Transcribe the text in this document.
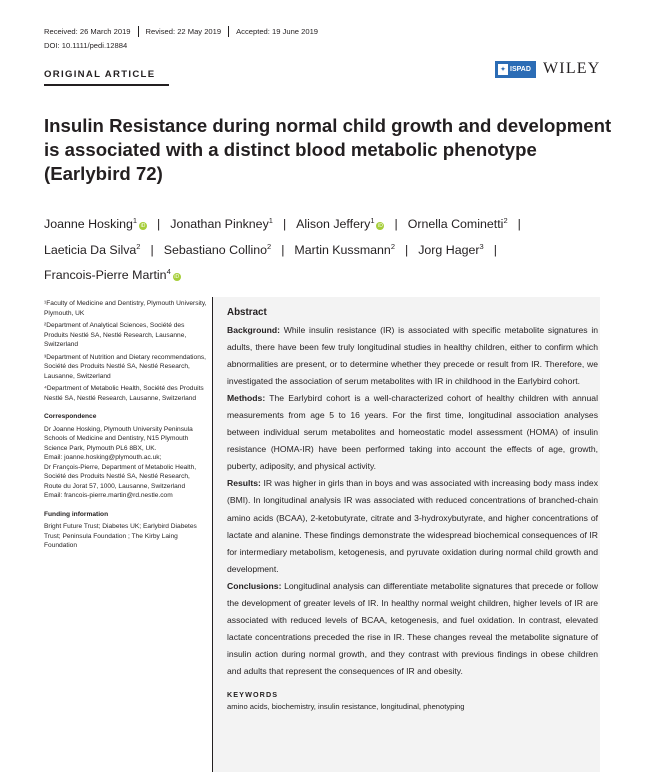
Received: 26 March 2019 Revised: 22 May 2019 Accepted: 19 June 2019
DOI: 10.1111/pedi.12884
ORIGINAL ARTICLE	✦ ISPAD WILEY
Insulin Resistance during normal child growth and development is associated with a distinct blood metabolic phenotype (Earlybird 72)
Joanne Hosking$^1$iD | Jonathan Pinkney$^1$ | Alison Jeffery$^1$iD | Ornella Cominetti$^2$ |
Laeticia Da Silva$^2$ | Sebastiano Collino$^2$ | Martin Kussmann$^2$ | Jorg Hager$^3$ |
Francois-Pierre Martin$^4$iD

¹Faculty of Medicine and Dentistry, Plymouth University, Plymouth, UK

²Department of Analytical Sciences, Société des Produits Nestlé SA, Nestlé Research, Lausanne, Switzerland

³Department of Nutrition and Dietary recommendations, Société des Produits Nestlé SA, Nestlé Research, Lausanne, Switzerland

⁴Department of Metabolic Health, Société des Produits Nestlé SA, Nestlé Research, Lausanne, Switzerland

Correspondence

Dr Joanne Hosking, Plymouth University Peninsula Schools of Medicine and Dentistry, N15 Plymouth Science Park, Plymouth PL6 8BX, UK.
Email: joanne.hosking@plymouth.ac.uk;
Dr François-Pierre, Department of Metabolic Health, Société des Produits Nestlé SA, Nestlé Research, Route du Jorat 57, 1000, Lausanne, Switzerland
Email: francois-pierre.martin@rd.nestle.com

Funding information

Bright Future Trust; Diabetes UK; Earlybird Diabetes Trust; Peninsula Foundation ; The Kirby Laing Foundation

Abstract

Background: While insulin resistance (IR) is associated with specific metabolite signatures in adults, there have been few truly longitudinal studies in healthy children, either to confirm which abnormalities are present, or to determine whether they precede or result from IR. Therefore, we investigated the association of serum metabolites with IR in childhood in the Earlybird cohort.

Methods: The Earlybird cohort is a well-characterized cohort of healthy children with annual measurements from age 5 to 16 years. For the first time, longitudinal association analyses between individual serum metabolites and homeostatic model assessment (HOMA) of insulin resistance (HOMA-IR) have been performed taking into account the effects of age, growth, puberty, adiposity, and physical activity.

Results: IR was higher in girls than in boys and was associated with increasing body mass index (BMI). In longitudinal analysis IR was associated with reduced concentrations of branched-chain amino acids (BCAA), 2-ketobutyrate, citrate and 3-hydroxybutyrate, and higher concentrations of lactate and alanine. These findings demonstrate the widespread biochemical consequences of IR for intermediary metabolism, ketogenesis, and pyruvate oxidation during normal child growth and development.

Conclusions: Longitudinal analysis can differentiate metabolite signatures that precede or follow the development of greater levels of IR. In healthy normal weight children, higher levels of IR are associated with reduced levels of BCAA, ketogenesis, and fuel oxidation. In contrast, elevated lactate concentrations preceded the rise in IR. These changes reveal the metabolite signature of insulin action during normal growth, and they contrast with previous findings in obese children and adults that represent the consequences of IR and obesity.

KEYWORDS
amino acids, biochemistry, insulin resistance, longitudinal, phenotyping
